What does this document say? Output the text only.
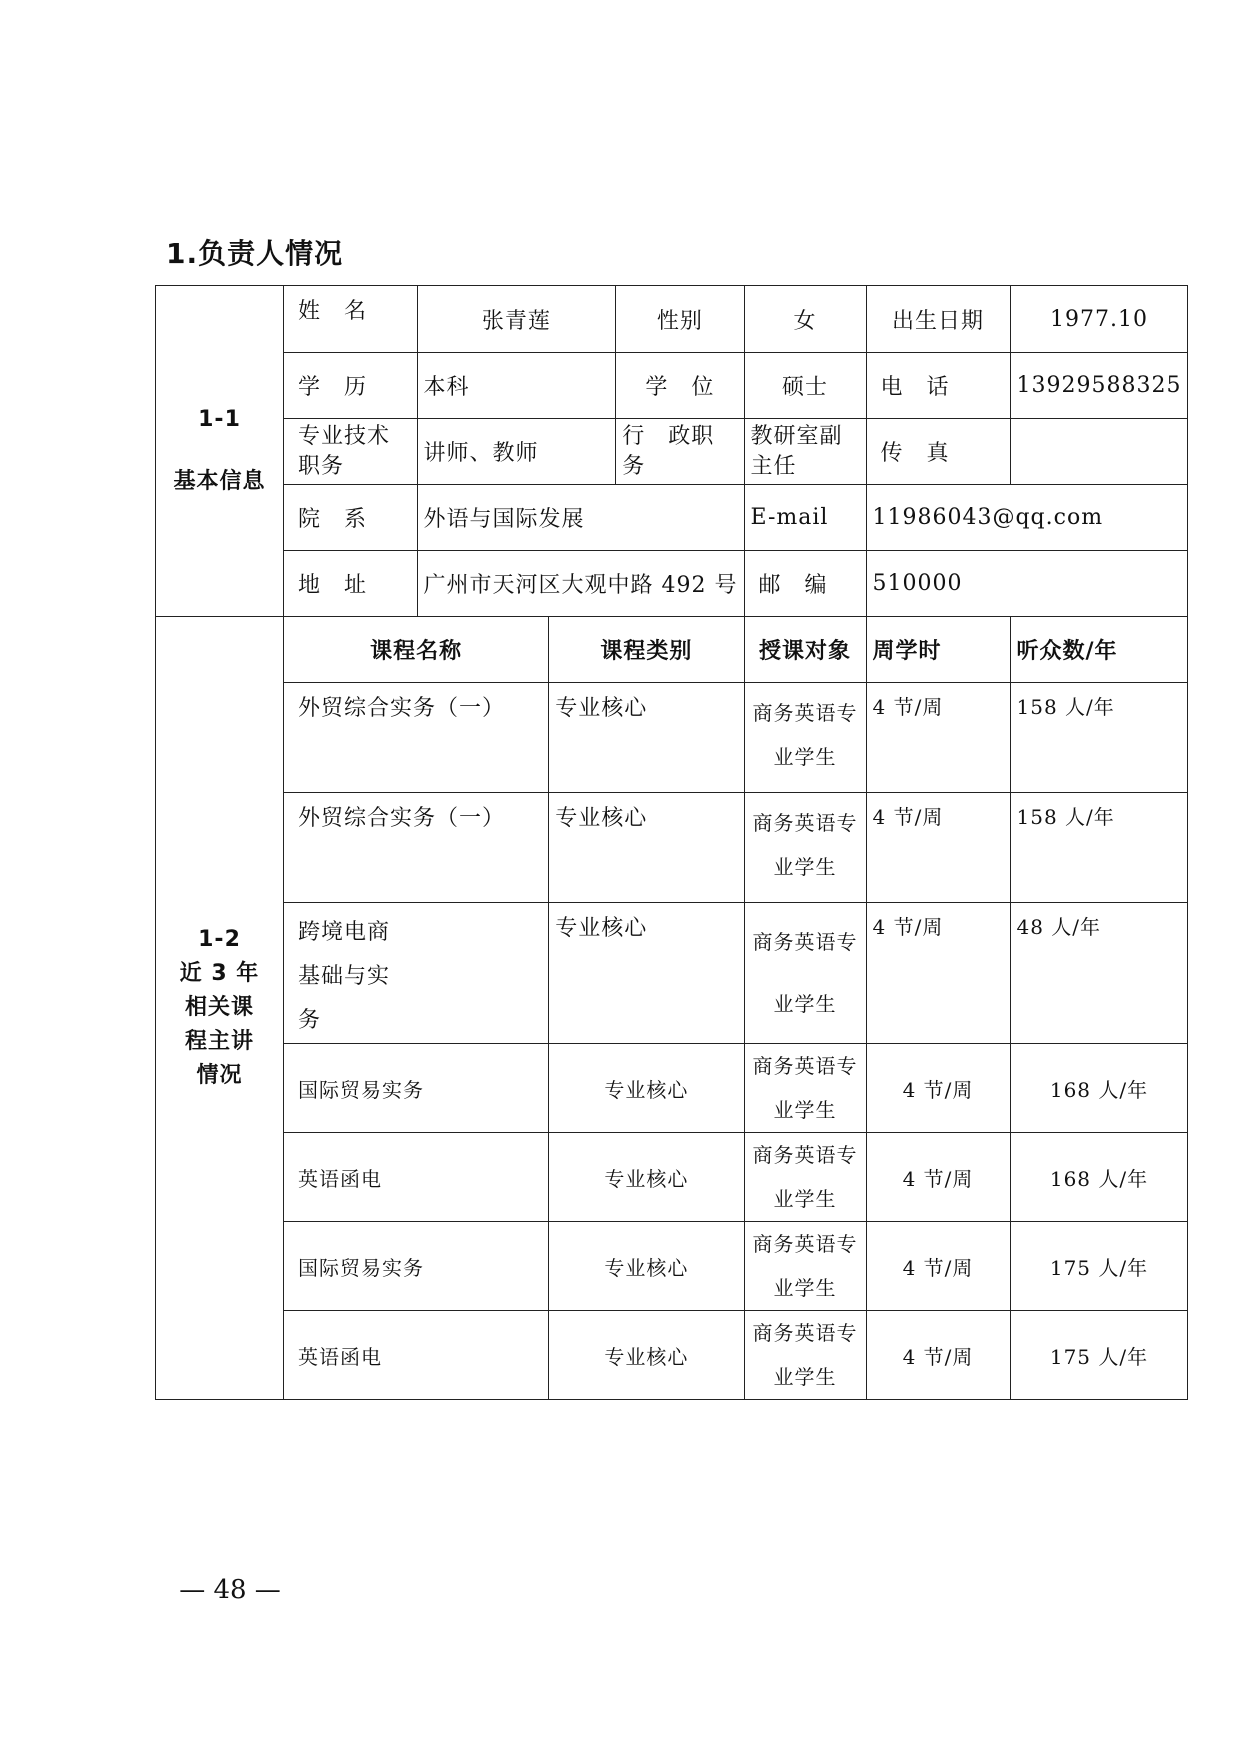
1.负责人情况
1-1
基本信息	姓　名	张青莲		性别	女	出生日期	1977.10
	学　历	本科		学　位	硕士	电　话	13929588325
	专业技术职务	讲师、教师		行　政职　务	教研室副主任	传　真	
	院　系	外语与国际发展			E-mail	11986043@qq.com	
	地　址	广州市天河区大观中路 492 号			邮　编	510000	

1-2
近 3 年相关课程主讲情况	课程名称		课程类别		授课对象	周学时	听众数/年
	外贸综合实务（一）		专业核心		商务英语专业学生	4 节/周	158 人/年
	外贸综合实务（一）		专业核心		商务英语专业学生	4 节/周	158 人/年
	跨境电商基础与实务		专业核心		商务英语专业学生	4 节/周	48 人/年
	国际贸易实务		专业核心		商务英语专业学生	4 节/周	168 人/年
	英语函电		专业核心		商务英语专业学生	4 节/周	168 人/年
	国际贸易实务		专业核心		商务英语专业学生	4 节/周	175 人/年
	英语函电		专业核心		商务英语专业学生	4 节/周	175 人/年
— 48 —
